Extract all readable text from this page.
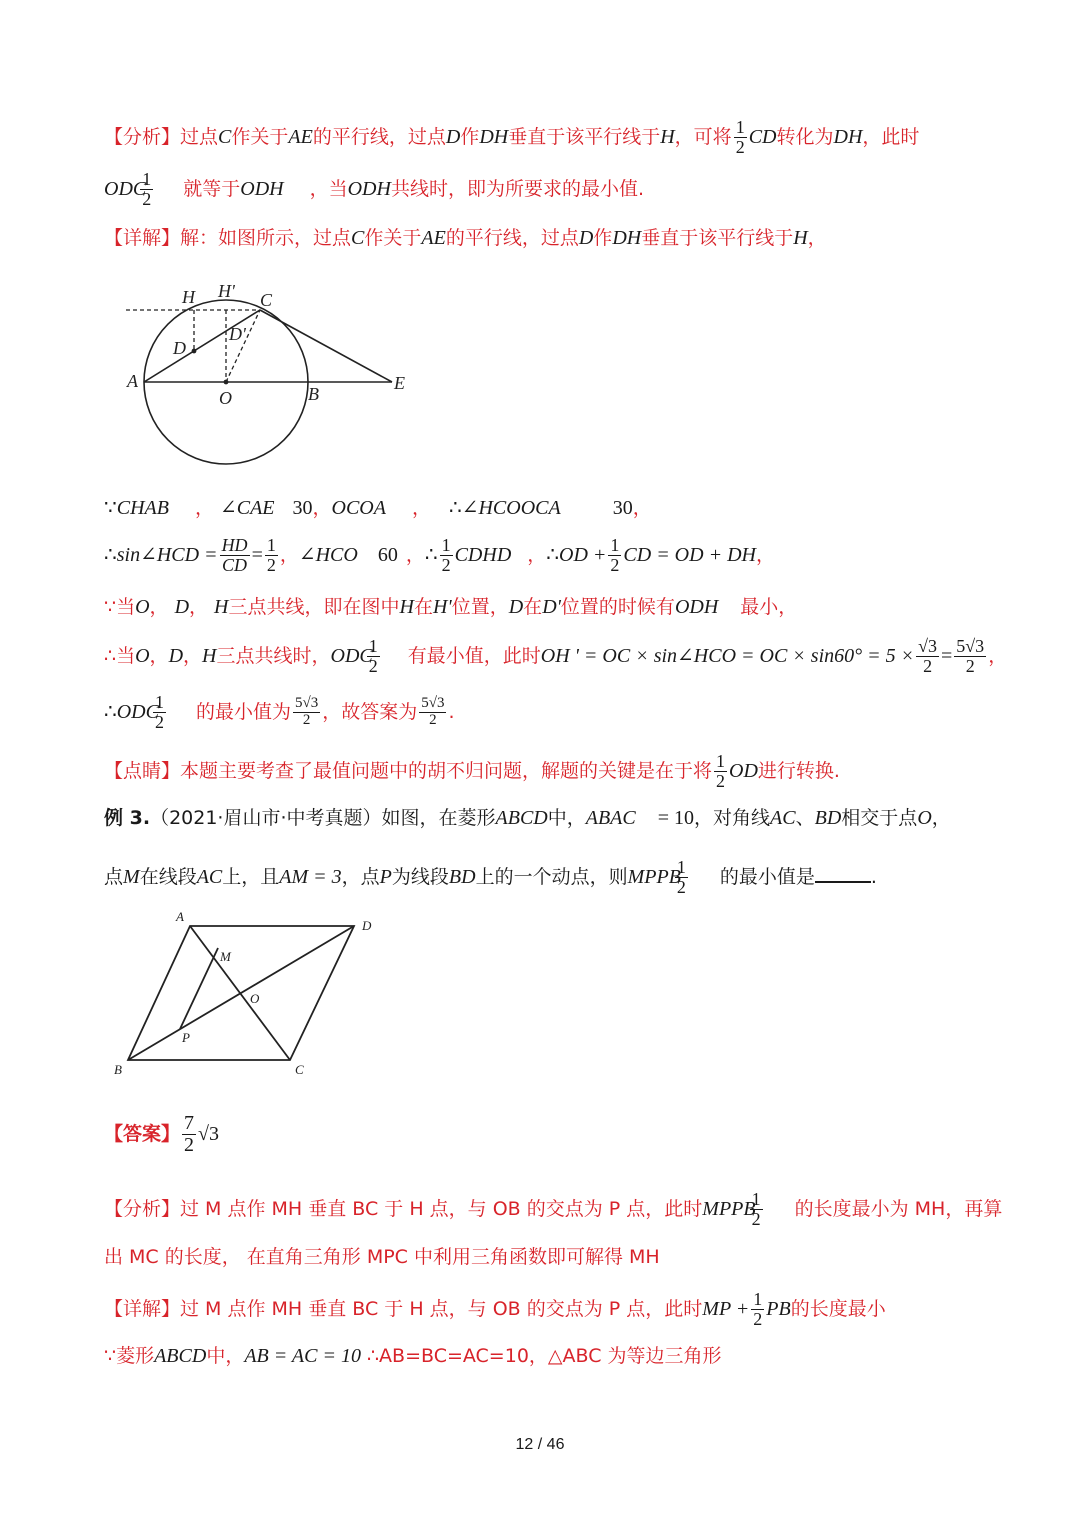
【分析】过点C作关于AE的平行线，过点D作DH垂直于该平行线于H，可将 $\frac{1}{2}$ CD转化为DH，此时
ODC
$\frac{1}{2}$ 就等于ODH ，当ODH共线时，即为所要求的最小值.
【详解】解：如图所示，过点C作关于AE的平行线，过点D作DH垂直于该平行线于H，
H H' C
D
D'
A
O	B
E
∵CHAB ， ∠CAE 30，OCOA ， ∴∠HCOOCA	30，
∴sin∠HCD = $\frac{HD}{CD} = \frac{1}{2}$ ，∠HCO 60 ，∴ $\frac{1}{2}$ CDHD ，∴OD + $\frac{1}{2}$ CD = OD + DH，
∵当O， D， H三点共线，即在图中H在H'位置，D在D'位置的时候有ODH 最小，
∴当O，D，H三点共线时，ODC
$\frac{1}{2}$ 有最小值，此时OH ' = OC × sin∠HCO = OC × $\sin 60^\circ = 5 \times \frac{√3}{2} = \frac{5√3}{2}$ ，
∴ODC
$\frac{1}{2}$ 的最小值为 $\frac{5√3}{2}$ ，故答案为 $\frac{5√3}{2}$ .
【点睛】本题主要考查了最值问题中的胡不归问题，解题的关键是在于将 $\frac{1}{2}$ OD进行转换.
例 3.（2021·眉山市·中考真题）如图，在菱形ABCD中，ABAC = 10，对角线AC、BD相交于点O，
点M在线段AC上，且AM = 3，点P为线段BD上的一个动点，则MPPB
$\frac{1}{2}$ 的最小值是	.
A
D
M
O
P
B	C
【答案】 $\frac{7}{2} √3$
【分析】过 M 点作 MH 垂直 BC 于 H 点，与 OB 的交点为 P 点，此时MPPB
$\frac{1}{2}$ 的长度最小为 MH，再算
出 MC 的长度， 在直角三角形 MPC 中利用三角函数即可解得 MH
【详解】过 M 点作 MH 垂直 BC 于 H 点，与 OB 的交点为 P 点，此时MP + $\frac{1}{2}$ PB的长度最小
∵菱形ABCD中，AB = AC = 10 ∴AB=BC=AC=10，△ABC 为等边三角形
12 / 46
